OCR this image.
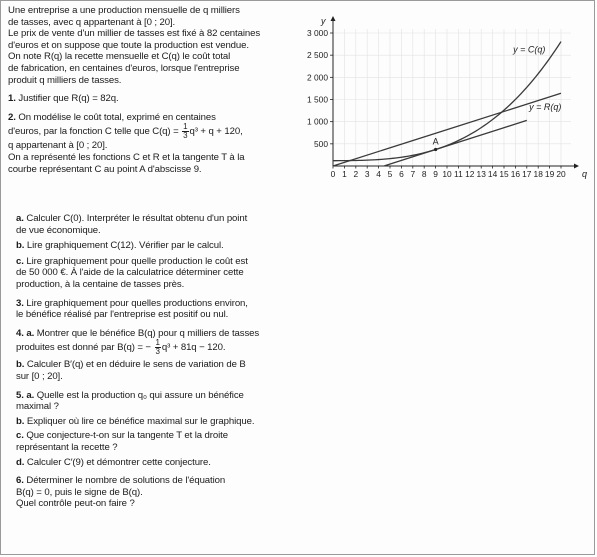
Une entreprise a une production mensuelle de q milliers
de tasses, avec q appartenant à [0 ; 20].
Le prix de vente d'un millier de tasses est fixé à 82 centaines
d'euros et on suppose que toute la production est vendue.
On note R(q) la recette mensuelle et C(q) le coût total
de fabrication, en centaines d'euros, lorsque l'entreprise
produit q milliers de tasses.
1. Justifier que R(q) = 82q.
2. On modélise le coût total, exprimé en centaines
d'euros, par la fonction C telle que $C(q) = \frac{1}{3} q^3 + q + 120$,
q appartenant à [0 ; 20].
On a représenté les fonctions C et R et la tangente T à la
courbe représentant C au point A d'abscisse 9.
a. Calculer C(0). Interpréter le résultat obtenu d'un point
de vue économique.
b. Lire graphiquement C(12). Vérifier par le calcul.
c. Lire graphiquement pour quelle production le coût est
de 50 000 €. À l'aide de la calculatrice déterminer cette
production, à la centaine de tasses près.
3. Lire graphiquement pour quelles productions environ,
le bénéfice réalisé par l'entreprise est positif ou nul.
4. a. Montrer que le bénéfice B(q) pour q milliers de tasses
produites est donné par B(q) = − $\frac{1}{3} q^3 + 81q - 120$.
b. Calculer B′(q) et en déduire le sens de variation de B
sur [0 ; 20].
5. a. Quelle est la production q₀ qui assure un bénéfice
maximal ?
b. Expliquer où lire ce bénéfice maximal sur le graphique.
c. Que conjecture-t-on sur la tangente T et la droite
représentant la recette ?
d. Calculer C′(9) et démontrer cette conjecture.
6. Déterminer le nombre de solutions de l'équation
B(q) = 0, puis le signe de B(q).
Quel contrôle peut-on faire ?
0 1 2 3 4 5 6 7 8 9 10 11 12 13 14 15 16 17 18 19 20
500
1 000
1 500
2 000
2 500
3 000
y
q
y = C(q)
y = R(q)
A
